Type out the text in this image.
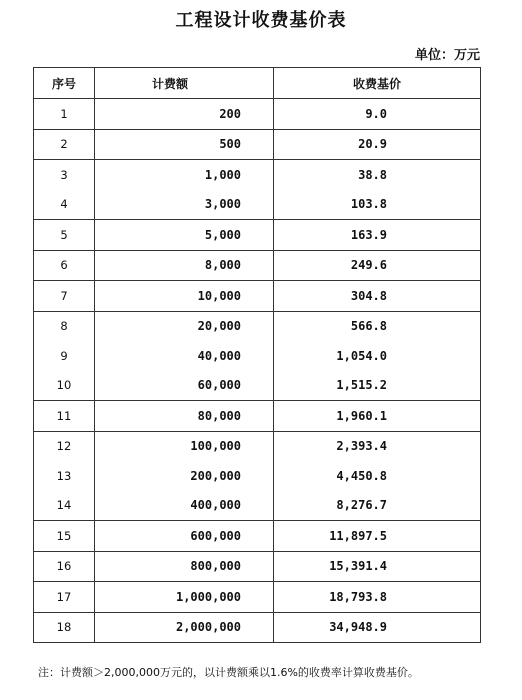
工程设计收费基价表
单位：万元
序号	计费额	收费基价
1	200	9.0
2	500	20.9
3	1,000	38.8
4	3,000	103.8
5	5,000	163.9
6	8,000	249.6
7	10,000	304.8
8	20,000	566.8
9	40,000	1,054.0
10	60,000	1,515.2
11	80,000	1,960.1
12	100,000	2,393.4
13	200,000	4,450.8
14	400,000	8,276.7
15	600,000	11,897.5
16	800,000	15,391.4
17	1,000,000	18,793.8
18	2,000,000	34,948.9
注：计费额＞2,000,000万元的，以计费额乘以1.6%的收费率计算收费基价。
